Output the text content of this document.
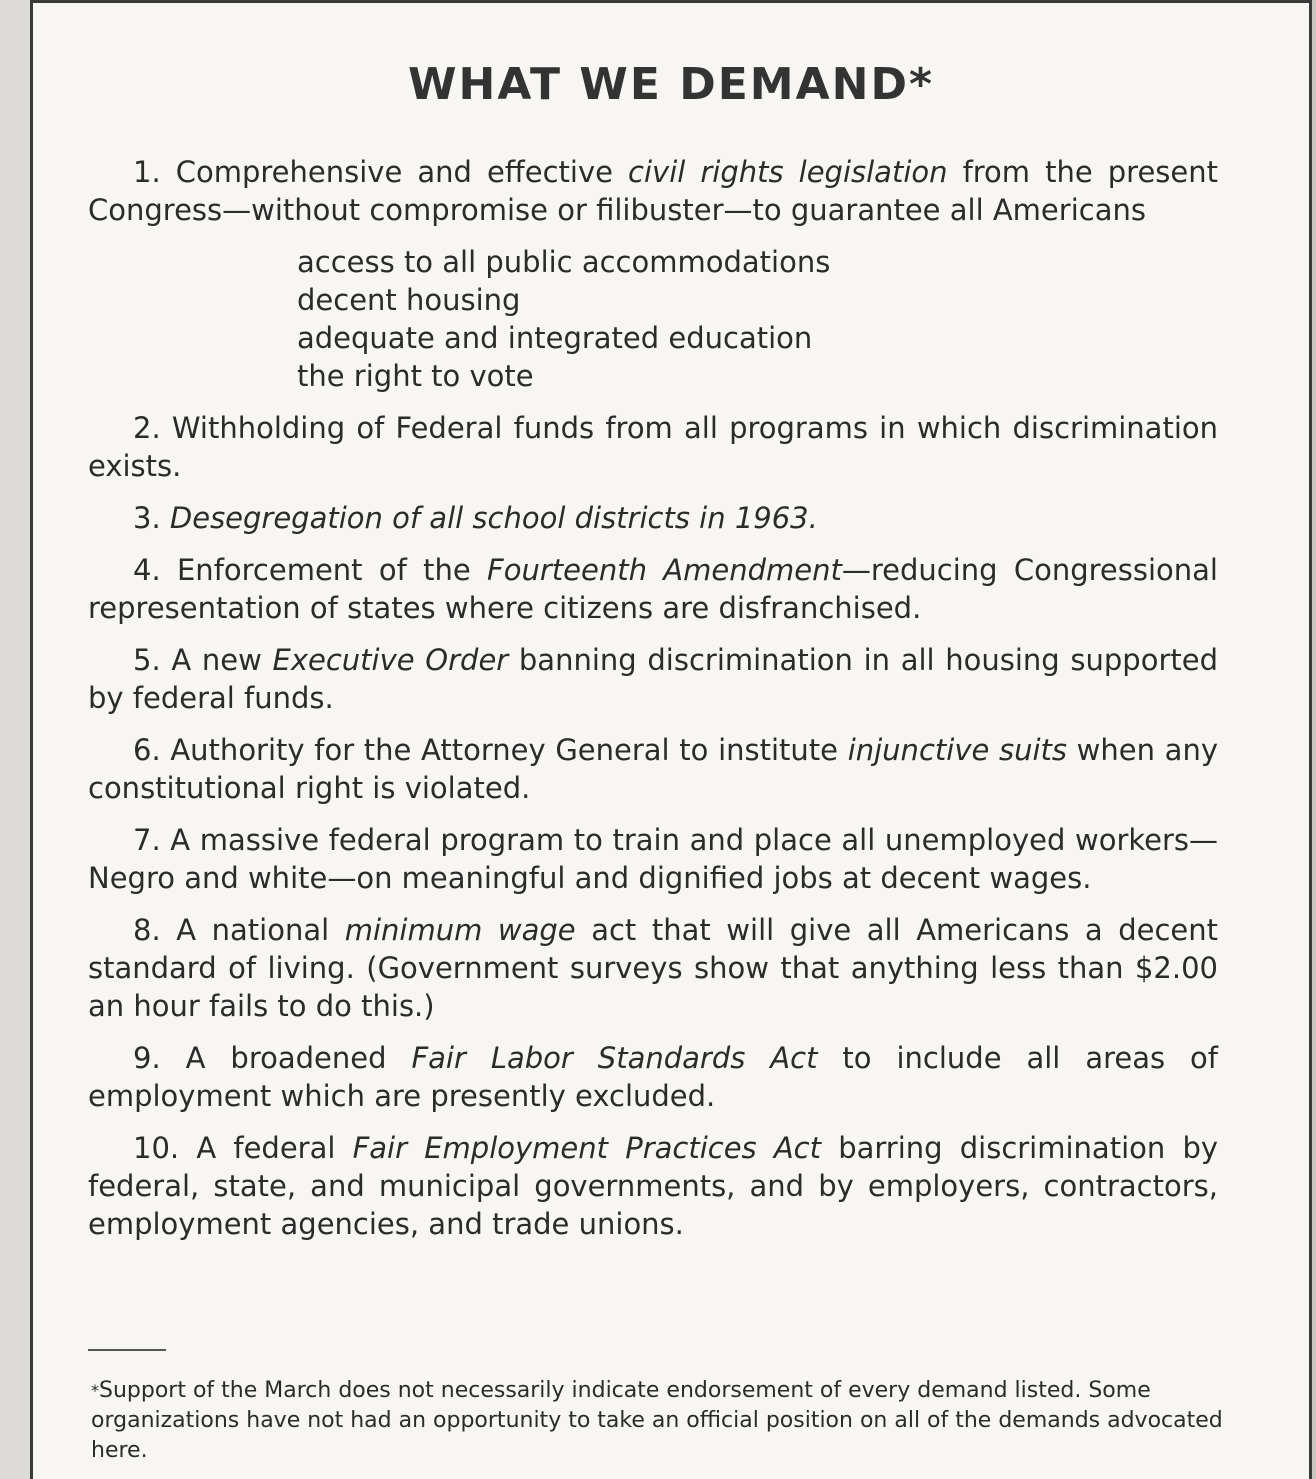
WHAT WE DEMAND*

1. Comprehensive and effective civil rights legislation from the present Congress—without compromise or filibuster—to guarantee all Americans

access to all public accommodations
decent housing
adequate and integrated education
the right to vote

2. Withholding of Federal funds from all programs in which discrimination exists.

3. Desegregation of all school districts in 1963.

4. Enforcement of the Fourteenth Amendment—reducing Congressional representation of states where citizens are disfranchised.

5. A new Executive Order banning discrimination in all housing supported by federal funds.

6. Authority for the Attorney General to institute injunctive suits when any constitutional right is violated.

7. A massive federal program to train and place all unemployed workers—Negro and white—on meaningful and dignified jobs at decent wages.

8. A national minimum wage act that will give all Americans a decent standard of living. (Government surveys show that anything less than $2.00 an hour fails to do this.)

9. A broadened Fair Labor Standards Act to include all areas of employment which are presently excluded.

10. A federal Fair Employment Practices Act barring discrimination by federal, state, and municipal governments, and by employers, contractors, employment agencies, and trade unions.

*Support of the March does not necessarily indicate endorsement of every demand listed. Some organizations have not had an opportunity to take an official position on all of the demands advocated here.
